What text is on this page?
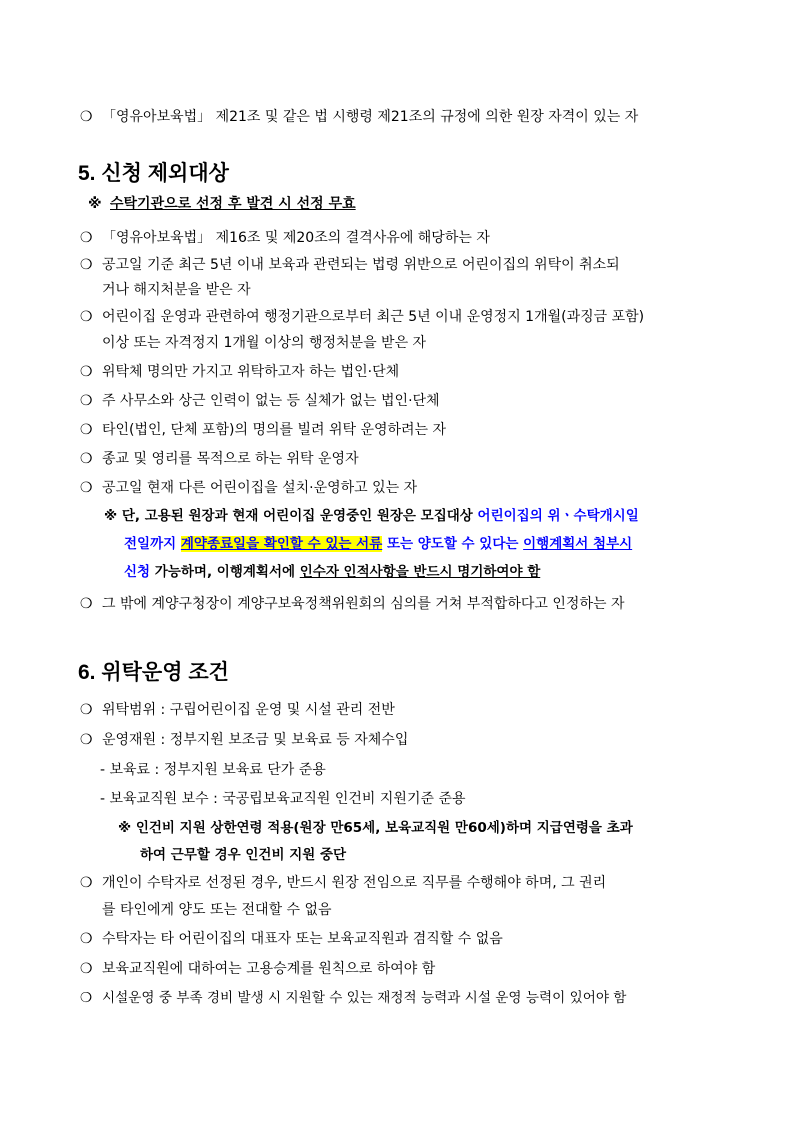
❍ 「영유아보육법」 제21조 및 같은 법 시행령 제21조의 규정에 의한 원장 자격이 있는 자
5. 신청 제외대상
※ 수탁기관으로 선정 후 발견 시 선정 무효
❍ 「영유아보육법」 제16조 및 제20조의 결격사유에 해당하는 자
❍ 공고일 기준 최근 5년 이내 보육과 관련되는 법령 위반으로 어린이집의 위탁이 취소되
거나 해지처분을 받은 자
❍ 어린이집 운영과 관련하여 행정기관으로부터 최근 5년 이내 운영정지 1개월(과징금 포함)
이상 또는 자격정지 1개월 이상의 행정처분을 받은 자
❍ 위탁체 명의만 가지고 위탁하고자 하는 법인·단체
❍ 주 사무소와 상근 인력이 없는 등 실체가 없는 법인·단체
❍ 타인(법인, 단체 포함)의 명의를 빌려 위탁 운영하려는 자
❍ 종교 및 영리를 목적으로 하는 위탁 운영자
❍ 공고일 현재 다른 어린이집을 설치·운영하고 있는 자
※ 단, 고용된 원장과 현재 어린이집 운영중인 원장은 모집대상 어린이집의 위ㆍ수탁개시일
전일까지 계약종료일을 확인할 수 있는 서류 또는 양도할 수 있다는 이행계획서 첨부시
신청 가능하며, 이행계획서에 인수자 인적사항을 반드시 명기하여야 함
❍ 그 밖에 계양구청장이 계양구보육정책위원회의 심의를 거쳐 부적합하다고 인정하는 자
6. 위탁운영 조건
❍ 위탁범위 : 구립어린이집 운영 및 시설 관리 전반
❍ 운영재원 : 정부지원 보조금 및 보육료 등 자체수입
- 보육료 : 정부지원 보육료 단가 준용
- 보육교직원 보수 : 국공립보육교직원 인건비 지원기준 준용
※ 인건비 지원 상한연령 적용(원장 만65세, 보육교직원 만60세)하며 지급연령을 초과
하여 근무할 경우 인건비 지원 중단
❍ 개인이 수탁자로 선정된 경우, 반드시 원장 전임으로 직무를 수행해야 하며, 그 권리
를 타인에게 양도 또는 전대할 수 없음
❍ 수탁자는 타 어린이집의 대표자 또는 보육교직원과 겸직할 수 없음
❍ 보육교직원에 대하여는 고용승계를 원칙으로 하여야 함
❍ 시설운영 중 부족 경비 발생 시 지원할 수 있는 재정적 능력과 시설 운영 능력이 있어야 함
